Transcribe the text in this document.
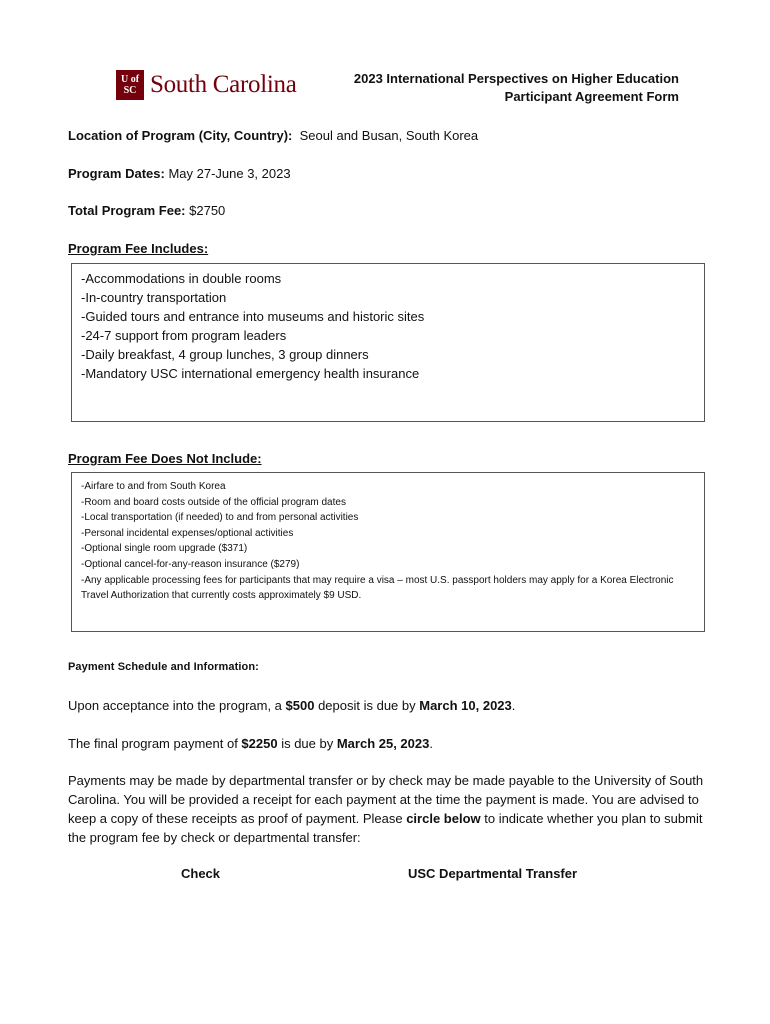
U of
SC South Carolina	2023 International Perspectives on Higher Education
Participant Agreement Form
Location of Program (City, Country): Seoul and Busan, South Korea
Program Dates: May 27-June 3, 2023
Total Program Fee: $2750
Program Fee Includes:
-Accommodations in double rooms
-In-country transportation
-Guided tours and entrance into museums and historic sites
-24-7 support from program leaders
-Daily breakfast, 4 group lunches, 3 group dinners
-Mandatory USC international emergency health insurance
Program Fee Does Not Include:
-Airfare to and from South Korea
-Room and board costs outside of the official program dates
-Local transportation (if needed) to and from personal activities
-Personal incidental expenses/optional activities
-Optional single room upgrade ($371)
-Optional cancel-for-any-reason insurance ($279)
-Any applicable processing fees for participants that may require a visa – most U.S. passport holders may apply for a Korea Electronic Travel Authorization that currently costs approximately $9 USD.
Payment Schedule and Information:
Upon acceptance into the program, a $500 deposit is due by March 10, 2023.
The final program payment of $2250 is due by March 25, 2023.
Payments may be made by departmental transfer or by check may be made payable to the University of South Carolina. You will be provided a receipt for each payment at the time the payment is made. You are advised to keep a copy of these receipts as proof of payment. Please circle below to indicate whether you plan to submit the program fee by check or departmental transfer:
Check	USC Departmental Transfer
